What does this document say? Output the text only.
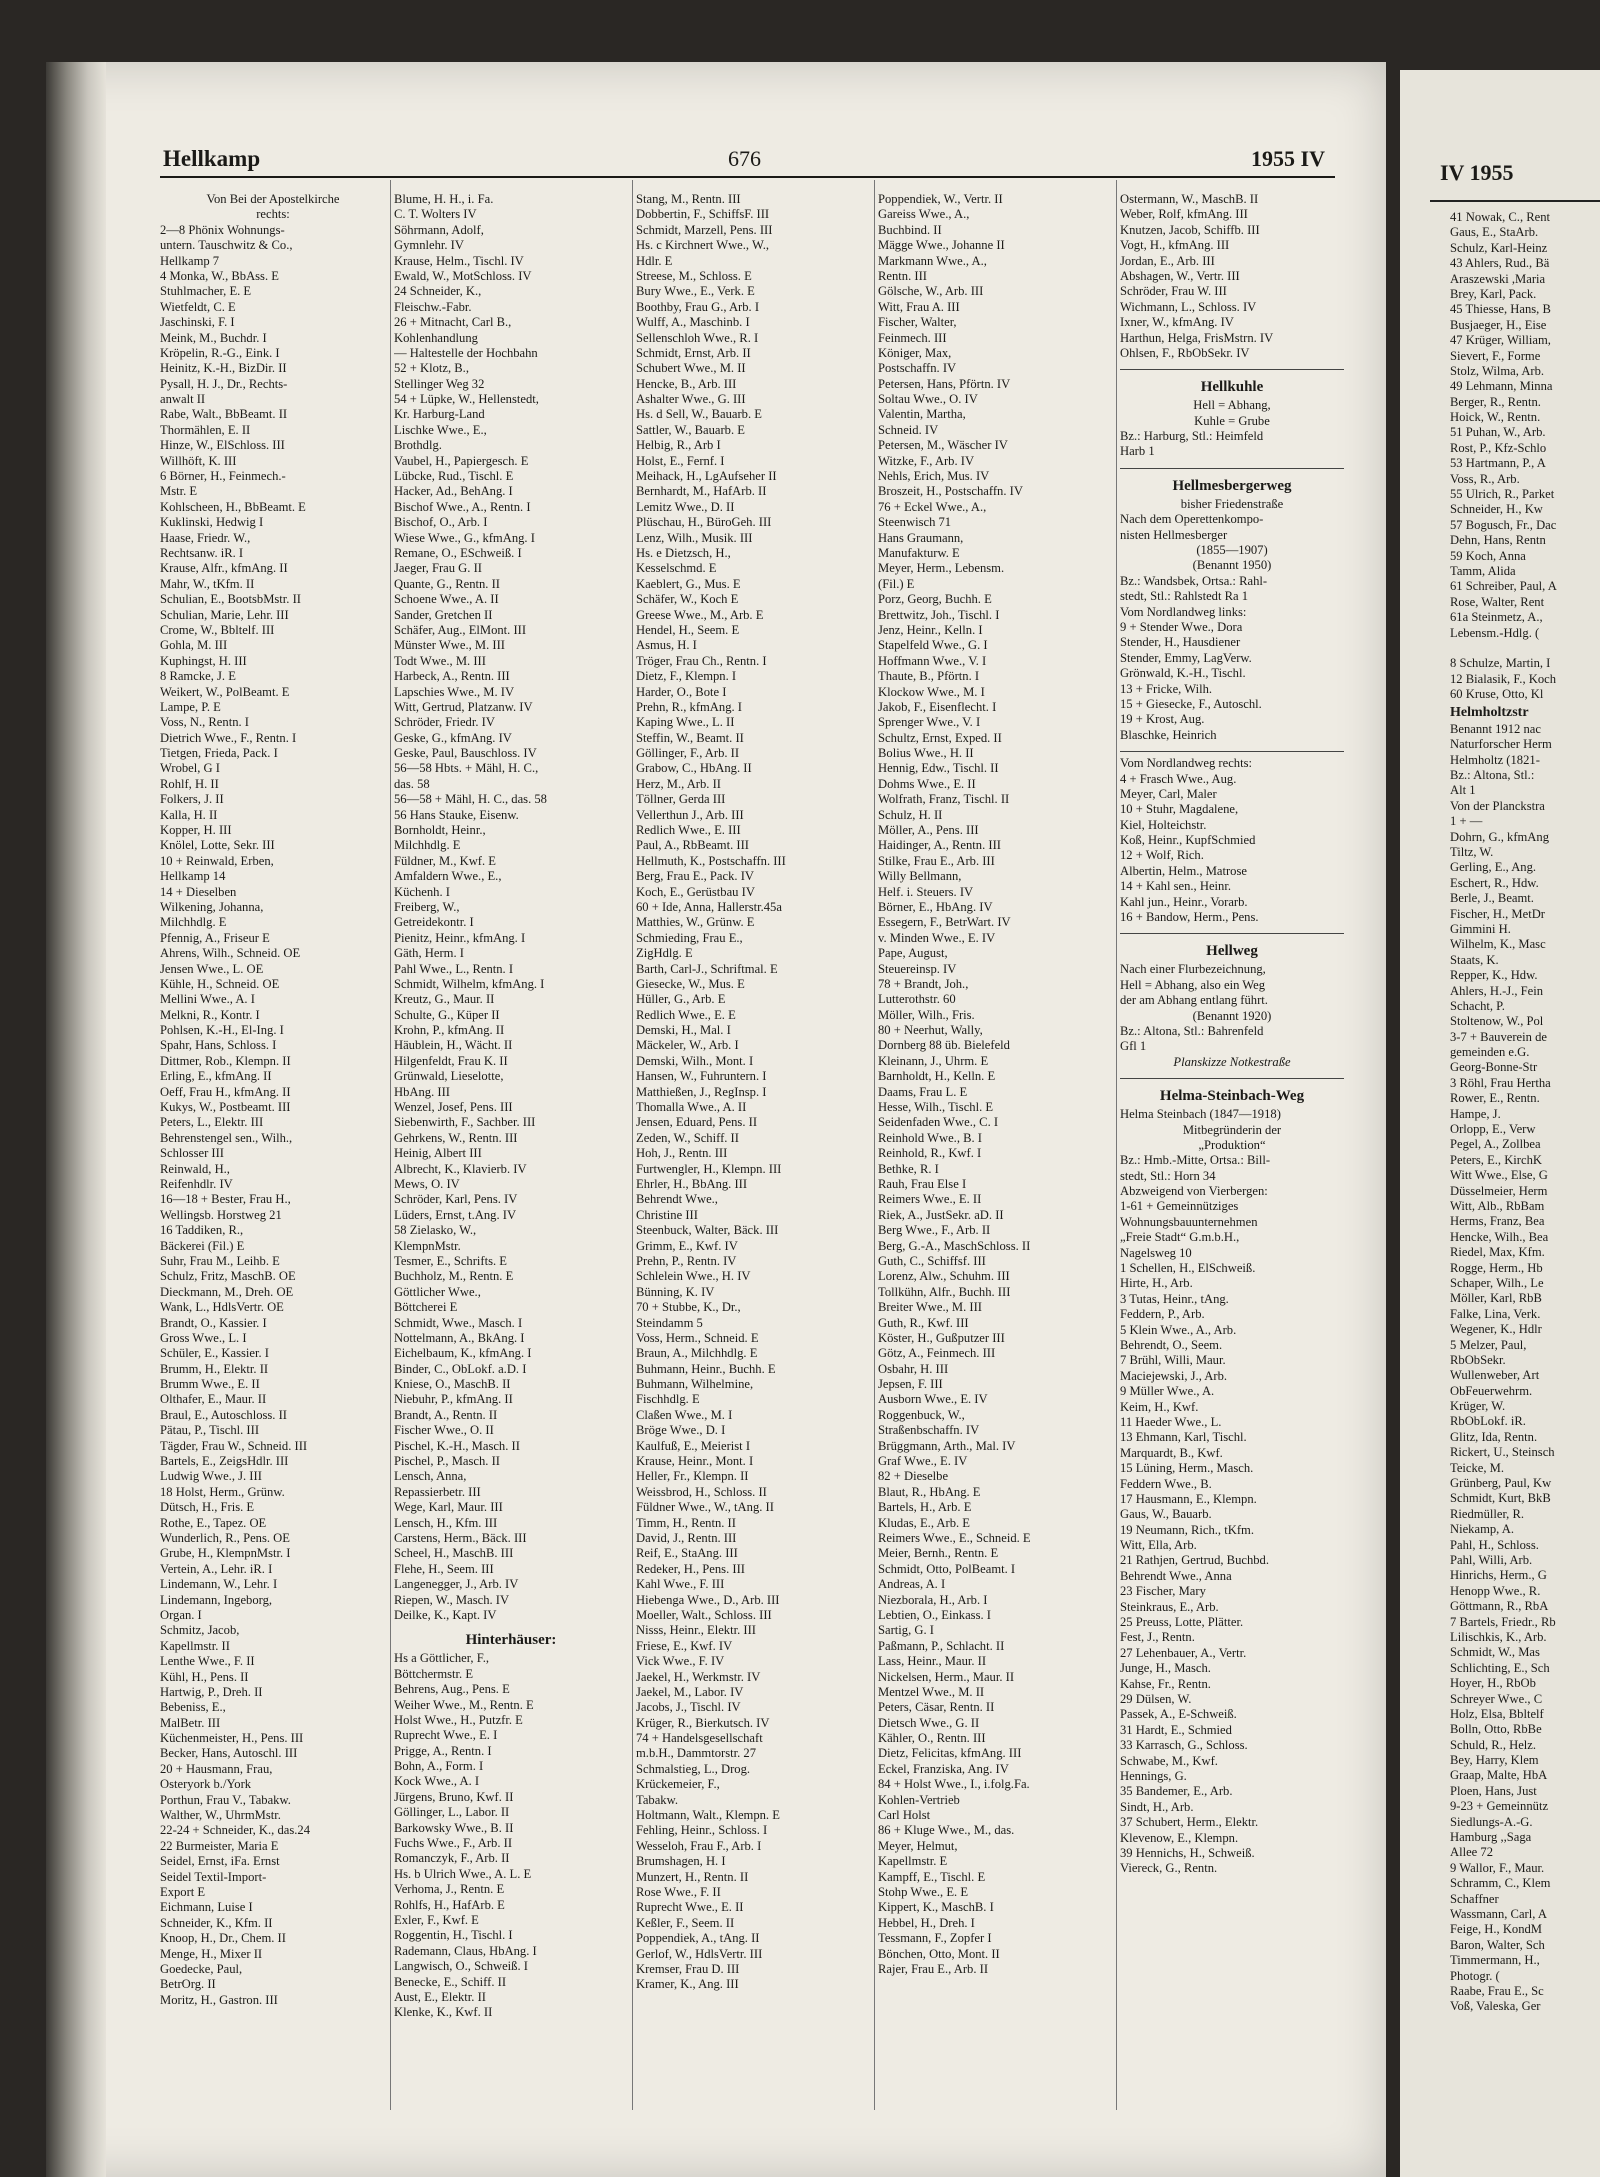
IV 1955
41 Nowak, C., Rent
Gaus, E., StaArb.
Schulz, Karl-Heinz
43 Ahlers, Rud., Bä
Araszewski ,Maria
Brey, Karl, Pack.
45 Thiesse, Hans, B
Busjaeger, H., Eise
47 Krüger, William,
Sievert, F., Forme
Stolz, Wilma, Arb.
49 Lehmann, Minna
Berger, R., Rentn.
Hoick, W., Rentn.
51 Puhan, W., Arb.
Rost, P., Kfz-Schlo
53 Hartmann, P., A
Voss, R., Arb.
55 Ulrich, R., Parket
Schneider, H., Kw
57 Bogusch, Fr., Dac
Dehn, Hans, Rentn
59 Koch, Anna
Tamm, Alida
61 Schreiber, Paul, A
Rose, Walter, Rent
61a Steinmetz, A.,
Lebensm.-Hdlg. (
8 Schulze, Martin, I
12 Bialasik, F., Koch
60 Kruse, Otto, Kl
Helmholtzstr
Benannt 1912 nac
Naturforscher Herm
Helmholtz (1821-
Bz.: Altona, Stl.:
Alt 1
Von der Planckstra
1 + —
Dohrn, G., kfmAng
Tiltz, W.
Gerling, E., Ang.
Eschert, R., Hdw.
Berle, J., Beamt.
Fischer, H., MetDr
Gimmini H.
Wilhelm, K., Masc
Staats, K.
Repper, K., Hdw.
Ahlers, H.-J., Fein
Schacht, P.
Stoltenow, W., Pol
3-7 + Bauverein de
gemeinden e.G.
Georg-Bonne-Str
3 Röhl, Frau Hertha
Rower, E., Rentn.
Hampe, J.
Orlopp, E., Verw
Pegel, A., Zollbea
Peters, E., KirchK
Witt Wwe., Else, G
Düsselmeier, Herm
Witt, Alb., RbBam
Herms, Franz, Bea
Hencke, Wilh., Bea
Riedel, Max, Kfm.
Rogge, Herm., Hb
Schaper, Wilh., Le
Möller, Karl, RbB
Falke, Lina, Verk.
Wegener, K., Hdlr
5 Melzer, Paul,
RbObSekr.
Wullenweber, Art
ObFeuerwehrm.
Krüger, W.
RbObLokf. iR.
Glitz, Ida, Rentn.
Rickert, U., Steinsch
Teicke, M.
Grünberg, Paul, Kw
Schmidt, Kurt, BkB
Riedmüller, R.
Niekamp, A.
Pahl, H., Schloss.
Pahl, Willi, Arb.
Hinrichs, Herm., G
Henopp Wwe., R.
Göttmann, R., RbA
7 Bartels, Friedr., Rb
Lilischkis, K., Arb.
Schmidt, W., Mas
Schlichting, E., Sch
Hoyer, H., RbOb
Schreyer Wwe., C
Holz, Elsa, Bbltelf
Bolln, Otto, RbBe
Schuld, R., Helz.
Bey, Harry, Klem
Graap, Malte, HbA
Ploen, Hans, Just
9-23 + Gemeinnütz
Siedlungs-A.-G.
Hamburg ,,Saga
Allee 72
9 Wallor, F., Maur.
Schramm, C., Klem
Schaffner
Wassmann, Carl, A
Feige, H., KondM
Baron, Walter, Sch
Timmermann, H.,
Photogr. (
Raabe, Frau E., Sc
Voß, Valeska, Ger
Hellkamp	676	1955 IV
Von Bei der Apostelkirche
rechts:
2—8 Phönix Wohnungs-
untern. Tauschwitz & Co.,
Hellkamp 7
4 Monka, W., BbAss. E
Stuhlmacher, E. E
Wietfeldt, C. E
Jaschinski, F. I
Meink, M., Buchdr. I
Kröpelin, R.-G., Eink. I
Heinitz, K.-H., BizDir. II
Pysall, H. J., Dr., Rechts-
anwalt II
Rabe, Walt., BbBeamt. II
Thormählen, E. II
Hinze, W., ElSchloss. III
Willhöft, K. III
6 Börner, H., Feinmech.-
Mstr. E
Kohlscheen, H., BbBeamt. E
Kuklinski, Hedwig I
Haase, Friedr. W.,
Rechtsanw. iR. I
Krause, Alfr., kfmAng. II
Mahr, W., tKfm. II
Schulian, E., BootsbMstr. II
Schulian, Marie, Lehr. III
Crome, W., Bbltelf. III
Gohla, M. III
Kuphingst, H. III
8 Ramcke, J. E
Weikert, W., PolBeamt. E
Lampe, P. E
Voss, N., Rentn. I
Dietrich Wwe., F., Rentn. I
Tietgen, Frieda, Pack. I
Wrobel, G I
Rohlf, H. II
Folkers, J. II
Kalla, H. II
Kopper, H. III
Knölel, Lotte, Sekr. III
10 + Reinwald, Erben,
Hellkamp 14
14 + Dieselben
Wilkening, Johanna,
Milchhdlg. E
Pfennig, A., Friseur E
Ahrens, Wilh., Schneid. OE
Jensen Wwe., L. OE
Kühle, H., Schneid. OE
Mellini Wwe., A. I
Melkni, R., Kontr. I
Pohlsen, K.-H., El-Ing. I
Spahr, Hans, Schloss. I
Dittmer, Rob., Klempn. II
Erling, E., kfmAng. II
Oeff, Frau H., kfmAng. II
Kukys, W., Postbeamt. III
Peters, L., Elektr. III
Behrenstengel sen., Wilh.,
Schlosser III
Reinwald, H.,
Reifenhdlr. IV
16—18 + Bester, Frau H.,
Wellingsb. Horstweg 21
16 Taddiken, R.,
Bäckerei (Fil.) E
Suhr, Frau M., Leihb. E
Schulz, Fritz, MaschB. OE
Dieckmann, M., Dreh. OE
Wank, L., HdlsVertr. OE
Brandt, O., Kassier. I
Gross Wwe., L. I
Schüler, E., Kassier. I
Brumm, H., Elektr. II
Brumm Wwe., E. II
Olthafer, E., Maur. II
Braul, E., Autoschloss. II
Pätau, P., Tischl. III
Tägder, Frau W., Schneid. III
Bartels, E., ZeigsHdlr. III
Ludwig Wwe., J. III
18 Holst, Herm., Grünw.
Dütsch, H., Fris. E
Rothe, E., Tapez. OE
Wunderlich, R., Pens. OE
Grube, H., KlempnMstr. I
Vertein, A., Lehr. iR. I
Lindemann, W., Lehr. I
Lindemann, Ingeborg,
Organ. I
Schmitz, Jacob,
Kapellmstr. II
Lenthe Wwe., F. II
Kühl, H., Pens. II
Hartwig, P., Dreh. II
Bebeniss, E.,
MalBetr. III
Küchenmeister, H., Pens. III
Becker, Hans, Autoschl. III
20 + Hausmann, Frau,
Osteryork b./York
Porthun, Frau V., Tabakw.
Walther, W., UhrmMstr.
22-24 + Schneider, K., das.24
22 Burmeister, Maria E
Seidel, Ernst, iFa. Ernst
Seidel Textil-Import-
Export E
Eichmann, Luise I
Schneider, K., Kfm. II
Knoop, H., Dr., Chem. II
Menge, H., Mixer II
Goedecke, Paul,
BetrOrg. II
Moritz, H., Gastron. III
Blume, H. H., i. Fa.
C. T. Wolters IV
Söhrmann, Adolf,
Gymnlehr. IV
Krause, Helm., Tischl. IV
Ewald, W., MotSchloss. IV
24 Schneider, K.,
Fleischw.-Fabr.
26 + Mitnacht, Carl B.,
Kohlenhandlung
— Haltestelle der Hochbahn
52 + Klotz, B.,
Stellinger Weg 32
54 + Lüpke, W., Hellenstedt,
Kr. Harburg-Land
Lischke Wwe., E.,
Brothdlg.
Vaubel, H., Papiergesch. E
Lübcke, Rud., Tischl. E
Hacker, Ad., BehAng. I
Bischof Wwe., A., Rentn. I
Bischof, O., Arb. I
Wiese Wwe., G., kfmAng. I
Remane, O., ESchweiß. I
Jaeger, Frau G. II
Quante, G., Rentn. II
Schoene Wwe., A. II
Sander, Gretchen II
Schäfer, Aug., ElMont. III
Münster Wwe., M. III
Todt Wwe., M. III
Harbeck, A., Rentn. III
Lapschies Wwe., M. IV
Witt, Gertrud, Platzanw. IV
Schröder, Friedr. IV
Geske, G., kfmAng. IV
Geske, Paul, Bauschloss. IV
56—58 Hbts. + Mähl, H. C.,
das. 58
56—58 + Mähl, H. C., das. 58
56 Hans Stauke, Eisenw.
Bornholdt, Heinr.,
Milchhdlg. E
Füldner, M., Kwf. E
Amfaldern Wwe., E.,
Küchenh. I
Freiberg, W.,
Getreidekontr. I
Pienitz, Heinr., kfmAng. I
Gäth, Herm. I
Pahl Wwe., L., Rentn. I
Schmidt, Wilhelm, kfmAng. I
Kreutz, G., Maur. II
Schulte, G., Küper II
Krohn, P., kfmAng. II
Häublein, H., Wächt. II
Hilgenfeldt, Frau K. II
Grünwald, Lieselotte,
HbAng. III
Wenzel, Josef, Pens. III
Siebenwirth, F., Sachber. III
Gehrkens, W., Rentn. III
Heinig, Albert III
Albrecht, K., Klavierb. IV
Mews, O. IV
Schröder, Karl, Pens. IV
Lüders, Ernst, t.Ang. IV
58 Zielasko, W.,
KlempnMstr.
Tesmer, E., Schrifts. E
Buchholz, M., Rentn. E
Göttlicher Wwe.,
Böttcherei E
Schmidt, Wwe., Masch. I
Nottelmann, A., BkAng. I
Eichelbaum, K., kfmAng. I
Binder, C., ObLokf. a.D. I
Kniese, O., MaschB. II
Niebuhr, P., kfmAng. II
Brandt, A., Rentn. II
Fischer Wwe., O. II
Pischel, K.-H., Masch. II
Pischel, P., Masch. II
Lensch, Anna,
Repassierbetr. III
Wege, Karl, Maur. III
Lensch, H., Kfm. III
Carstens, Herm., Bäck. III
Scheel, H., MaschB. III
Flehe, H., Seem. III
Langenegger, J., Arb. IV
Riepen, W., Masch. IV
Deilke, K., Kapt. IV
Hinterhäuser:
Hs a Göttlicher, F.,
Böttchermstr. E
Behrens, Aug., Pens. E
Weiher Wwe., M., Rentn. E
Holst Wwe., H., Putzfr. E
Ruprecht Wwe., E. I
Prigge, A., Rentn. I
Bohn, A., Form. I
Kock Wwe., A. I
Jürgens, Bruno, Kwf. II
Göllinger, L., Labor. II
Barkowsky Wwe., B. II
Fuchs Wwe., F., Arb. II
Romanczyk, F., Arb. II
Hs. b Ulrich Wwe., A. L. E
Verhoma, J., Rentn. E
Rohlfs, H., HafArb. E
Exler, F., Kwf. E
Roggentin, H., Tischl. I
Rademann, Claus, HbAng. I
Langwisch, O., Schweiß. I
Benecke, E., Schiff. II
Aust, E., Elektr. II
Klenke, K., Kwf. II
Stang, M., Rentn. III
Dobbertin, F., SchiffsF. III
Schmidt, Marzell, Pens. III
Hs. c Kirchnert Wwe., W.,
Hdlr. E
Streese, M., Schloss. E
Bury Wwe., E., Verk. E
Boothby, Frau G., Arb. I
Wulff, A., Maschinb. I
Sellenschloh Wwe., R. I
Schmidt, Ernst, Arb. II
Schubert Wwe., M. II
Hencke, B., Arb. III
Ashalter Wwe., G. III
Hs. d Sell, W., Bauarb. E
Sattler, W., Bauarb. E
Helbig, R., Arb I
Holst, E., Fernf. I
Meihack, H., LgAufseher II
Bernhardt, M., HafArb. II
Lemitz Wwe., D. II
Plüschau, H., BüroGeh. III
Lenz, Wilh., Musik. III
Hs. e Dietzsch, H.,
Kesselschmd. E
Kaeblert, G., Mus. E
Schäfer, W., Koch E
Greese Wwe., M., Arb. E
Hendel, H., Seem. E
Asmus, H. I
Tröger, Frau Ch., Rentn. I
Dietz, F., Klempn. I
Harder, O., Bote I
Prehn, R., kfmAng. I
Kaping Wwe., L. II
Steffin, W., Beamt. II
Göllinger, F., Arb. II
Grabow, C., HbAng. II
Herz, M., Arb. II
Töllner, Gerda III
Vellerthun J., Arb. III
Redlich Wwe., E. III
Paul, A., RbBeamt. III
Hellmuth, K., Postschaffn. III
Berg, Frau E., Pack. IV
Koch, E., Gerüstbau IV
60 + Ide, Anna, Hallerstr.45a
Matthies, W., Grünw. E
Schmieding, Frau E.,
ZigHdlg. E
Barth, Carl-J., Schriftmal. E
Giesecke, W., Mus. E
Hüller, G., Arb. E
Redlich Wwe., E. E
Demski, H., Mal. I
Mäckeler, W., Arb. I
Demski, Wilh., Mont. I
Hansen, W., Fuhruntern. I
Matthießen, J., RegInsp. I
Thomalla Wwe., A. II
Jensen, Eduard, Pens. II
Zeden, W., Schiff. II
Hoh, J., Rentn. III
Furtwengler, H., Klempn. III
Ehrler, H., BbAng. III
Behrendt Wwe.,
Christine III
Steenbuck, Walter, Bäck. III
Grimm, E., Kwf. IV
Prehn, P., Rentn. IV
Schlelein Wwe., H. IV
Bünning, K. IV
70 + Stubbe, K., Dr.,
Steindamm 5
Voss, Herm., Schneid. E
Braun, A., Milchhdlg. E
Buhmann, Heinr., Buchh. E
Buhmann, Wilhelmine,
Fischhdlg. E
Claßen Wwe., M. I
Bröge Wwe., D. I
Kaulfuß, E., Meierist I
Krause, Heinr., Mont. I
Heller, Fr., Klempn. II
Weissbrod, H., Schloss. II
Füldner Wwe., W., tAng. II
Timm, H., Rentn. II
David, J., Rentn. III
Reif, E., StaAng. III
Redeker, H., Pens. III
Kahl Wwe., F. III
Hiebenga Wwe., D., Arb. III
Moeller, Walt., Schloss. III
Nisss, Heinr., Elektr. III
Friese, E., Kwf. IV
Vick Wwe., F. IV
Jaekel, H., Werkmstr. IV
Jaekel, M., Labor. IV
Jacobs, J., Tischl. IV
Krüger, R., Bierkutsch. IV
74 + Handelsgesellschaft
m.b.H., Dammtorstr. 27
Schmalstieg, L., Drog.
Krückemeier, F.,
Tabakw.
Holtmann, Walt., Klempn. E
Fehling, Heinr., Schloss. I
Wesseloh, Frau F., Arb. I
Brumshagen, H. I
Munzert, H., Rentn. II
Rose Wwe., F. II
Ruprecht Wwe., E. II
Keßler, F., Seem. II
Poppendiek, A., tAng. II
Gerlof, W., HdlsVertr. III
Kremser, Frau D. III
Kramer, K., Ang. III
Poppendiek, W., Vertr. II
Gareiss Wwe., A.,
Buchbind. II
Mägge Wwe., Johanne II
Markmann Wwe., A.,
Rentn. III
Gölsche, W., Arb. III
Witt, Frau A. III
Fischer, Walter,
Feinmech. III
Königer, Max,
Postschaffn. IV
Petersen, Hans, Pförtn. IV
Soltau Wwe., O. IV
Valentin, Martha,
Schneid. IV
Petersen, M., Wäscher IV
Witzke, F., Arb. IV
Nehls, Erich, Mus. IV
Broszeit, H., Postschaffn. IV
76 + Eckel Wwe., A.,
Steenwisch 71
Hans Graumann,
Manufakturw. E
Meyer, Herm., Lebensm.
(Fil.) E
Porz, Georg, Buchh. E
Brettwitz, Joh., Tischl. I
Jenz, Heinr., Kelln. I
Stapelfeld Wwe., G. I
Hoffmann Wwe., V. I
Thaute, B., Pförtn. I
Klockow Wwe., M. I
Jakob, F., Eisenflecht. I
Sprenger Wwe., V. I
Schultz, Ernst, Exped. II
Bolius Wwe., H. II
Hennig, Edw., Tischl. II
Dohms Wwe., E. II
Wolfrath, Franz, Tischl. II
Schulz, H. II
Möller, A., Pens. III
Haidinger, A., Rentn. III
Stilke, Frau E., Arb. III
Willy Bellmann,
Helf. i. Steuers. IV
Börner, E., HbAng. IV
Essegern, F., BetrWart. IV
v. Minden Wwe., E. IV
Pape, August,
Steuereinsp. IV
78 + Brandt, Joh.,
Lutterothstr. 60
Möller, Wilh., Fris.
80 + Neerhut, Wally,
Dornberg 88 üb. Bielefeld
Kleinann, J., Uhrm. E
Barnholdt, H., Kelln. E
Daams, Frau L. E
Hesse, Wilh., Tischl. E
Seidenfaden Wwe., C. I
Reinhold Wwe., B. I
Reinhold, R., Kwf. I
Bethke, R. I
Rauh, Frau Else I
Reimers Wwe., E. II
Riek, A., JustSekr. aD. II
Berg Wwe., F., Arb. II
Berg, G.-A., MaschSchloss. II
Guth, C., Schiffsf. III
Lorenz, Alw., Schuhm. III
Tollkühn, Alfr., Buchh. III
Breiter Wwe., M. III
Guth, R., Kwf. III
Köster, H., Gußputzer III
Götz, A., Feinmech. III
Osbahr, H. III
Jepsen, F. III
Ausborn Wwe., E. IV
Roggenbuck, W.,
Straßenbschaffn. IV
Brüggmann, Arth., Mal. IV
Graf Wwe., E. IV
82 + Dieselbe
Blaut, R., HbAng. E
Bartels, H., Arb. E
Kludas, E., Arb. E
Reimers Wwe., E., Schneid. E
Meier, Bernh., Rentn. E
Schmidt, Otto, PolBeamt. I
Andreas, A. I
Niezborala, H., Arb. I
Lebtien, O., Einkass. I
Sartig, G. I
Paßmann, P., Schlacht. II
Lass, Heinr., Maur. II
Nickelsen, Herm., Maur. II
Mentzel Wwe., M. II
Peters, Cäsar, Rentn. II
Dietsch Wwe., G. II
Kähler, O., Rentn. III
Dietz, Felicitas, kfmAng. III
Eckel, Franziska, Ang. IV
84 + Holst Wwe., I., i.folg.Fa.
Kohlen-Vertrieb
Carl Holst
86 + Kluge Wwe., M., das.
Meyer, Helmut,
Kapellmstr. E
Kampff, E., Tischl. E
Stohp Wwe., E. E
Kippert, K., MaschB. I
Hebbel, H., Dreh. I
Tessmann, F., Zopfer I
Bönchen, Otto, Mont. II
Rajer, Frau E., Arb. II
Ostermann, W., MaschB. II
Weber, Rolf, kfmAng. III
Knutzen, Jacob, Schiffb. III
Vogt, H., kfmAng. III
Jordan, E., Arb. III
Abshagen, W., Vertr. III
Schröder, Frau W. III
Wichmann, L., Schloss. IV
Ixner, W., kfmAng. IV
Harthun, Helga, FrisMstrn. IV
Ohlsen, F., RbObSekr. IV
Hellkuhle
Hell = Abhang,
Kuhle = Grube
Bz.: Harburg, Stl.: Heimfeld
Harb 1
Hellmesbergerweg
bisher Friedenstraße
Nach dem Operettenkompo-
nisten Hellmesberger
(1855—1907)
(Benannt 1950)
Bz.: Wandsbek, Ortsa.: Rahl-
stedt, Stl.: Rahlstedt Ra 1
Vom Nordlandweg links:
9 + Stender Wwe., Dora
Stender, H., Hausdiener
Stender, Emmy, LagVerw.
Grönwald, K.-H., Tischl.
13 + Fricke, Wilh.
15 + Giesecke, F., Autoschl.
19 + Krost, Aug.
Blaschke, Heinrich
Vom Nordlandweg rechts:
4 + Frasch Wwe., Aug.
Meyer, Carl, Maler
10 + Stuhr, Magdalene,
Kiel, Holteichstr.
Koß, Heinr., KupfSchmied
12 + Wolf, Rich.
Albertin, Helm., Matrose
14 + Kahl sen., Heinr.
Kahl jun., Heinr., Vorarb.
16 + Bandow, Herm., Pens.
Hellweg
Nach einer Flurbezeichnung,
Hell = Abhang, also ein Weg
der am Abhang entlang führt.
(Benannt 1920)
Bz.: Altona, Stl.: Bahrenfeld
Gfl 1
Planskizze Notkestraße
Helma-Steinbach-Weg
Helma Steinbach (1847—1918)
Mitbegründerin der
„Produktion“
Bz.: Hmb.-Mitte, Ortsa.: Bill-
stedt, Stl.: Horn 34
Abzweigend von Vierbergen:
1-61 + Gemeinnütziges
Wohnungsbauunternehmen
„Freie Stadt“ G.m.b.H.,
Nagelsweg 10
1 Schellen, H., ElSchweiß.
Hirte, H., Arb.
3 Tutas, Heinr., tAng.
Feddern, P., Arb.
5 Klein Wwe., A., Arb.
Behrendt, O., Seem.
7 Brühl, Willi, Maur.
Maciejewski, J., Arb.
9 Müller Wwe., A.
Keim, H., Kwf.
11 Haeder Wwe., L.
13 Ehmann, Karl, Tischl.
Marquardt, B., Kwf.
15 Lüning, Herm., Masch.
Feddern Wwe., B.
17 Hausmann, E., Klempn.
Gaus, W., Bauarb.
19 Neumann, Rich., tKfm.
Witt, Ella, Arb.
21 Rathjen, Gertrud, Buchbd.
Behrendt Wwe., Anna
23 Fischer, Mary
Steinkraus, E., Arb.
25 Preuss, Lotte, Plätter.
Fest, J., Rentn.
27 Lehenbauer, A., Vertr.
Junge, H., Masch.
Kahse, Fr., Rentn.
29 Dülsen, W.
Passek, A., E-Schweiß.
31 Hardt, E., Schmied
33 Karrasch, G., Schloss.
Schwabe, M., Kwf.
Hennings, G.
35 Bandemer, E., Arb.
Sindt, H., Arb.
37 Schubert, Herm., Elektr.
Klevenow, E., Klempn.
39 Hennichs, H., Schweiß.
Viereck, G., Rentn.
